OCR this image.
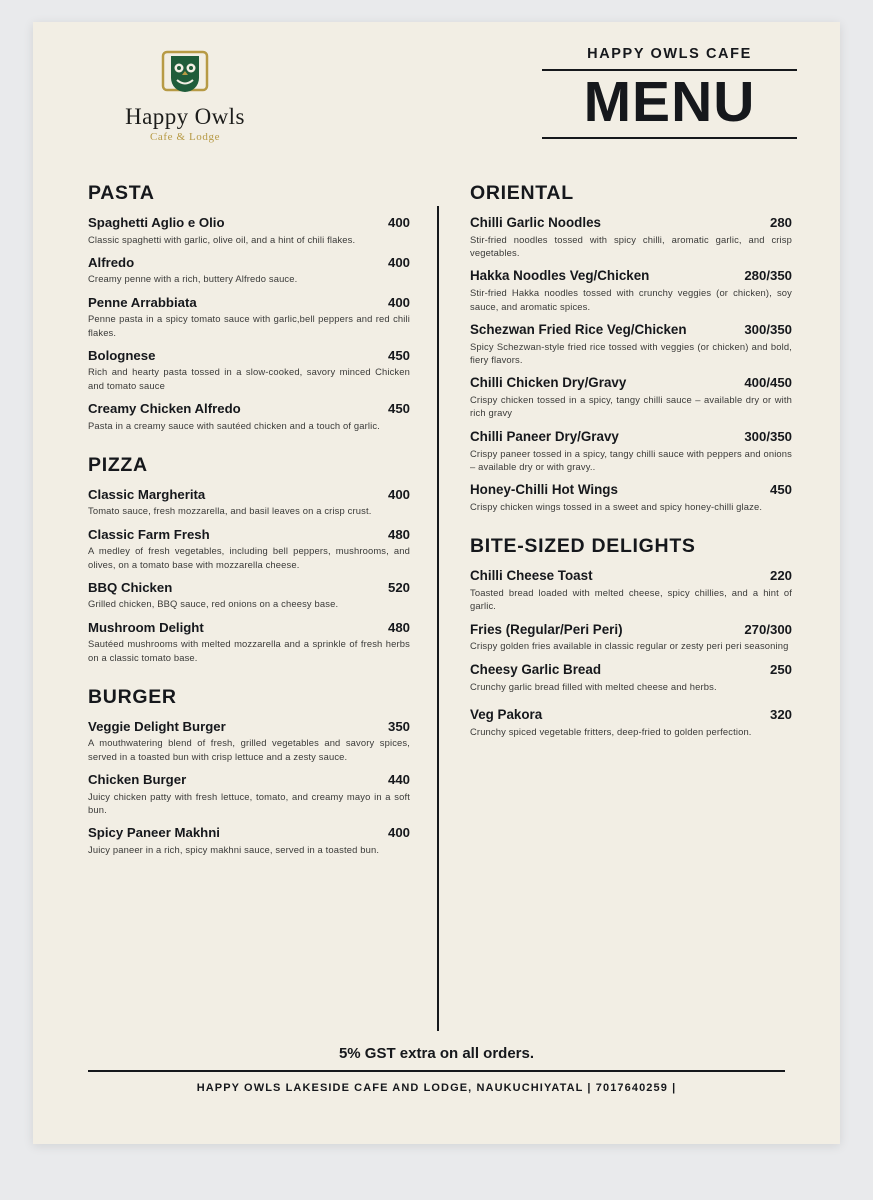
Happy Owls
Cafe & Lodge
HAPPY OWLS CAFE
MENU
PASTA
Spaghetti Aglio e Olio	400
Classic spaghetti with garlic, olive oil, and a hint of chili flakes.
Alfredo	400
Creamy penne with a rich, buttery Alfredo sauce.
Penne Arrabbiata	400
Penne pasta in a spicy tomato sauce with garlic,bell peppers and red chili flakes.
Bolognese	450
Rich and hearty pasta tossed in a slow-cooked, savory minced Chicken and tomato sauce
Creamy Chicken Alfredo	450
Pasta in a creamy sauce with sautéed chicken and a touch of garlic.
PIZZA
Classic Margherita	400
Tomato sauce, fresh mozzarella, and basil leaves on a crisp crust.
Classic Farm Fresh	480
A medley of fresh vegetables, including bell peppers, mushrooms, and olives, on a tomato base with mozzarella cheese.
BBQ Chicken	520
Grilled chicken, BBQ sauce, red onions on a cheesy base.
Mushroom Delight	480
Sautéed mushrooms with melted mozzarella and a sprinkle of fresh herbs on a classic tomato base.
BURGER
Veggie Delight Burger	350
A mouthwatering blend of fresh, grilled vegetables and savory spices, served in a toasted bun with crisp lettuce and a zesty sauce.
Chicken Burger	440
Juicy chicken patty with fresh lettuce, tomato, and creamy mayo in a soft bun.
Spicy Paneer Makhni	400
Juicy paneer in a rich, spicy makhni sauce, served in a toasted bun.
ORIENTAL
Chilli Garlic Noodles	280
Stir-fried noodles tossed with spicy chilli, aromatic garlic, and crisp vegetables.
Hakka Noodles Veg/Chicken	280/350
Stir-fried Hakka noodles tossed with crunchy veggies (or chicken), soy sauce, and aromatic spices.
Schezwan Fried Rice Veg/Chicken	300/350
Spicy Schezwan-style fried rice tossed with veggies (or chicken) and bold, fiery flavors.
Chilli Chicken Dry/Gravy	400/450
Crispy chicken tossed in a spicy, tangy chilli sauce – available dry or with rich gravy
Chilli Paneer Dry/Gravy	300/350
Crispy paneer tossed in a spicy, tangy chilli sauce with peppers and onions – available dry or with gravy..
Honey-Chilli Hot Wings	450
Crispy chicken wings tossed in a sweet and spicy honey-chilli glaze.
BITE-SIZED DELIGHTS
Chilli Cheese Toast	220
Toasted bread loaded with melted cheese, spicy chillies, and a hint of garlic.
Fries (Regular/Peri Peri)	270/300
Crispy golden fries available in classic regular or zesty peri peri seasoning
Cheesy Garlic Bread	250
Crunchy garlic bread filled with melted cheese and herbs.
Veg Pakora	320
Crunchy spiced vegetable fritters, deep-fried to golden perfection.
5% GST extra on all orders.
HAPPY OWLS LAKESIDE CAFE AND LODGE, NAUKUCHIYATAL | 7017640259 |
